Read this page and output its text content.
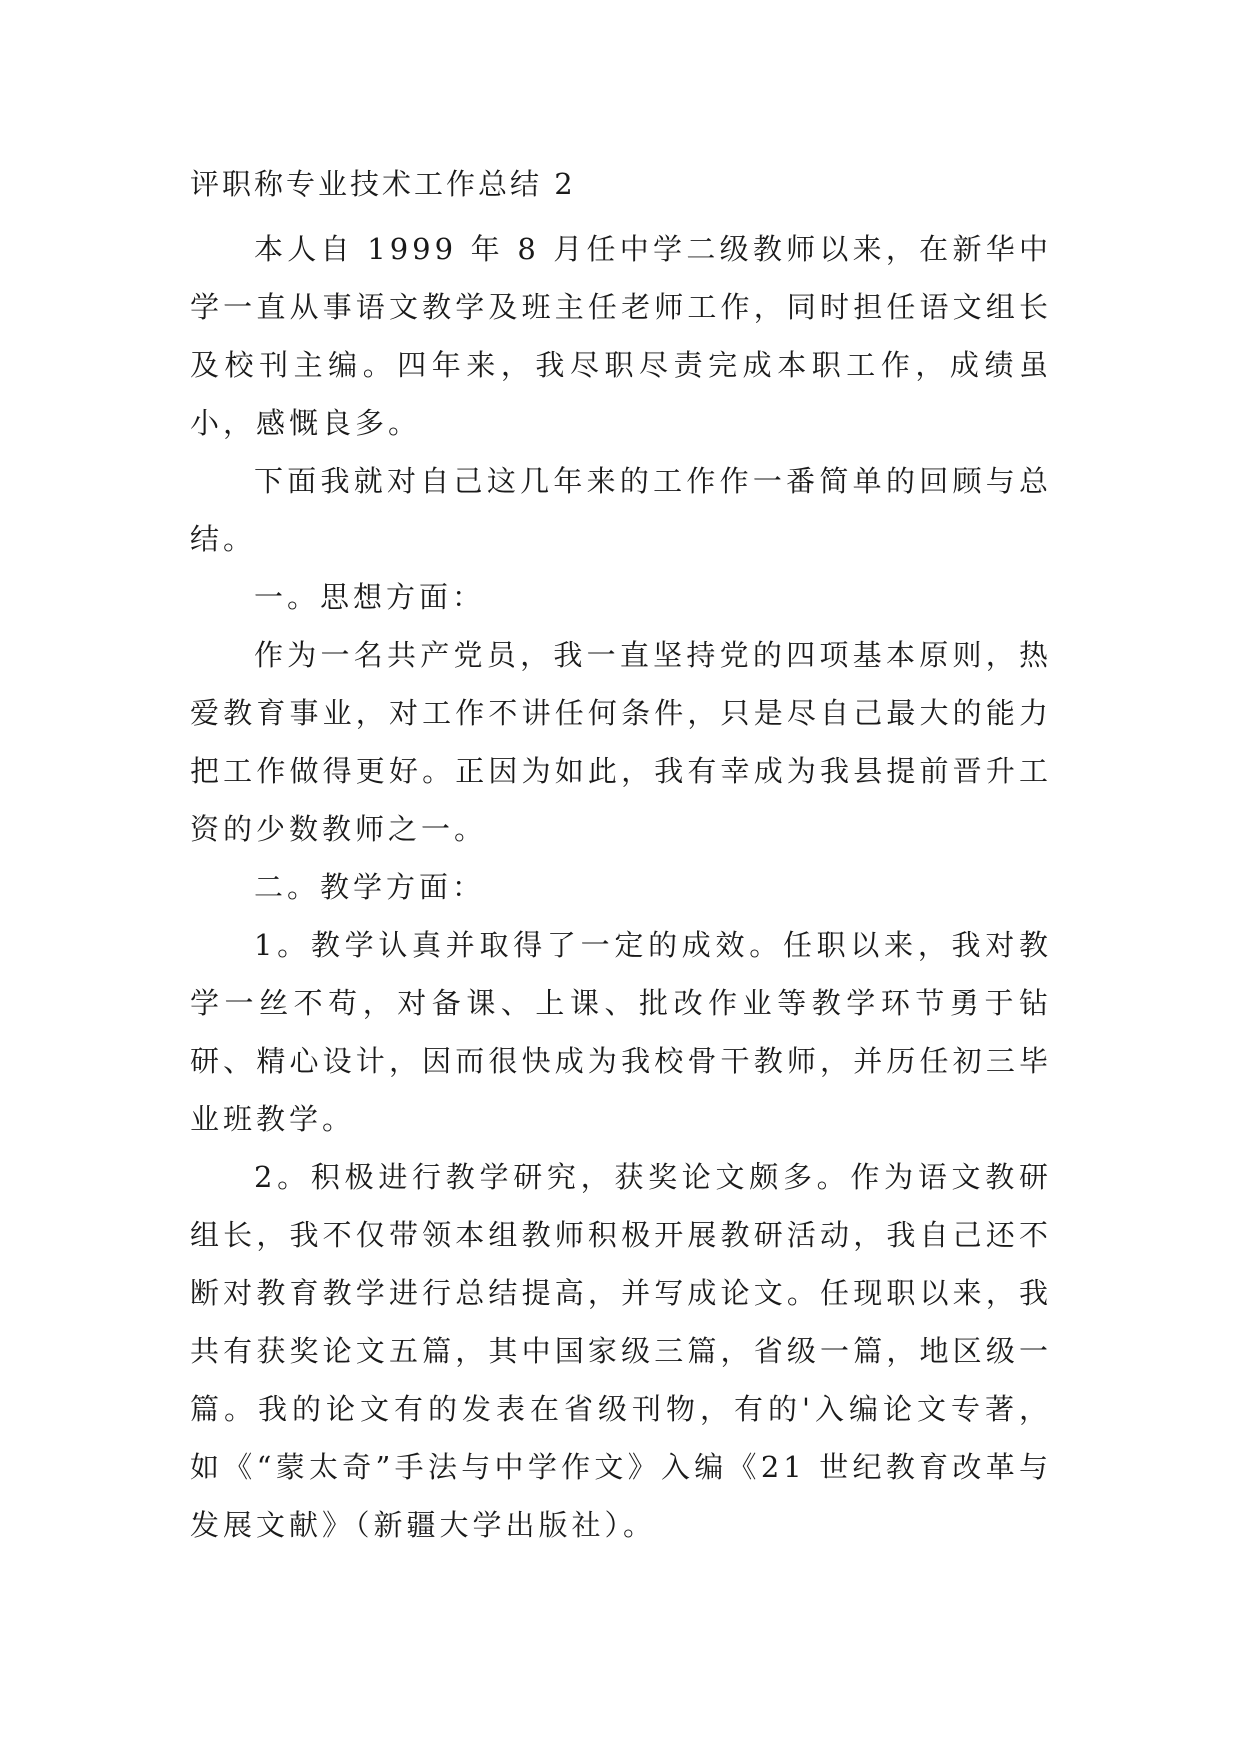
评职称专业技术工作总结 2

本人自 1999 年 8 月任中学二级教师以来，在新华中学一直从事语文教学及班主任老师工作，同时担任语文组长及校刊主编。四年来，我尽职尽责完成本职工作，成绩虽小，感慨良多。

下面我就对自己这几年来的工作作一番简单的回顾与总结。

一。思想方面：

作为一名共产党员，我一直坚持党的四项基本原则，热爱教育事业，对工作不讲任何条件，只是尽自己最大的能力把工作做得更好。正因为如此，我有幸成为我县提前晋升工资的少数教师之一。

二。教学方面：

1。教学认真并取得了一定的成效。任职以来，我对教学一丝不苟，对备课、上课、批改作业等教学环节勇于钻研、精心设计，因而很快成为我校骨干教师，并历任初三毕业班教学。

2。积极进行教学研究，获奖论文颇多。作为语文教研组长，我不仅带领本组教师积极开展教研活动，我自己还不断对教育教学进行总结提高，并写成论文。任现职以来，我共有获奖论文五篇，其中国家级三篇，省级一篇，地区级一篇。我的论文有的发表在省级刊物，有的'入编论文专著，如《“蒙太奇”手法与中学作文》入编《21 世纪教育改革与发展文献》（新疆大学出版社）。
